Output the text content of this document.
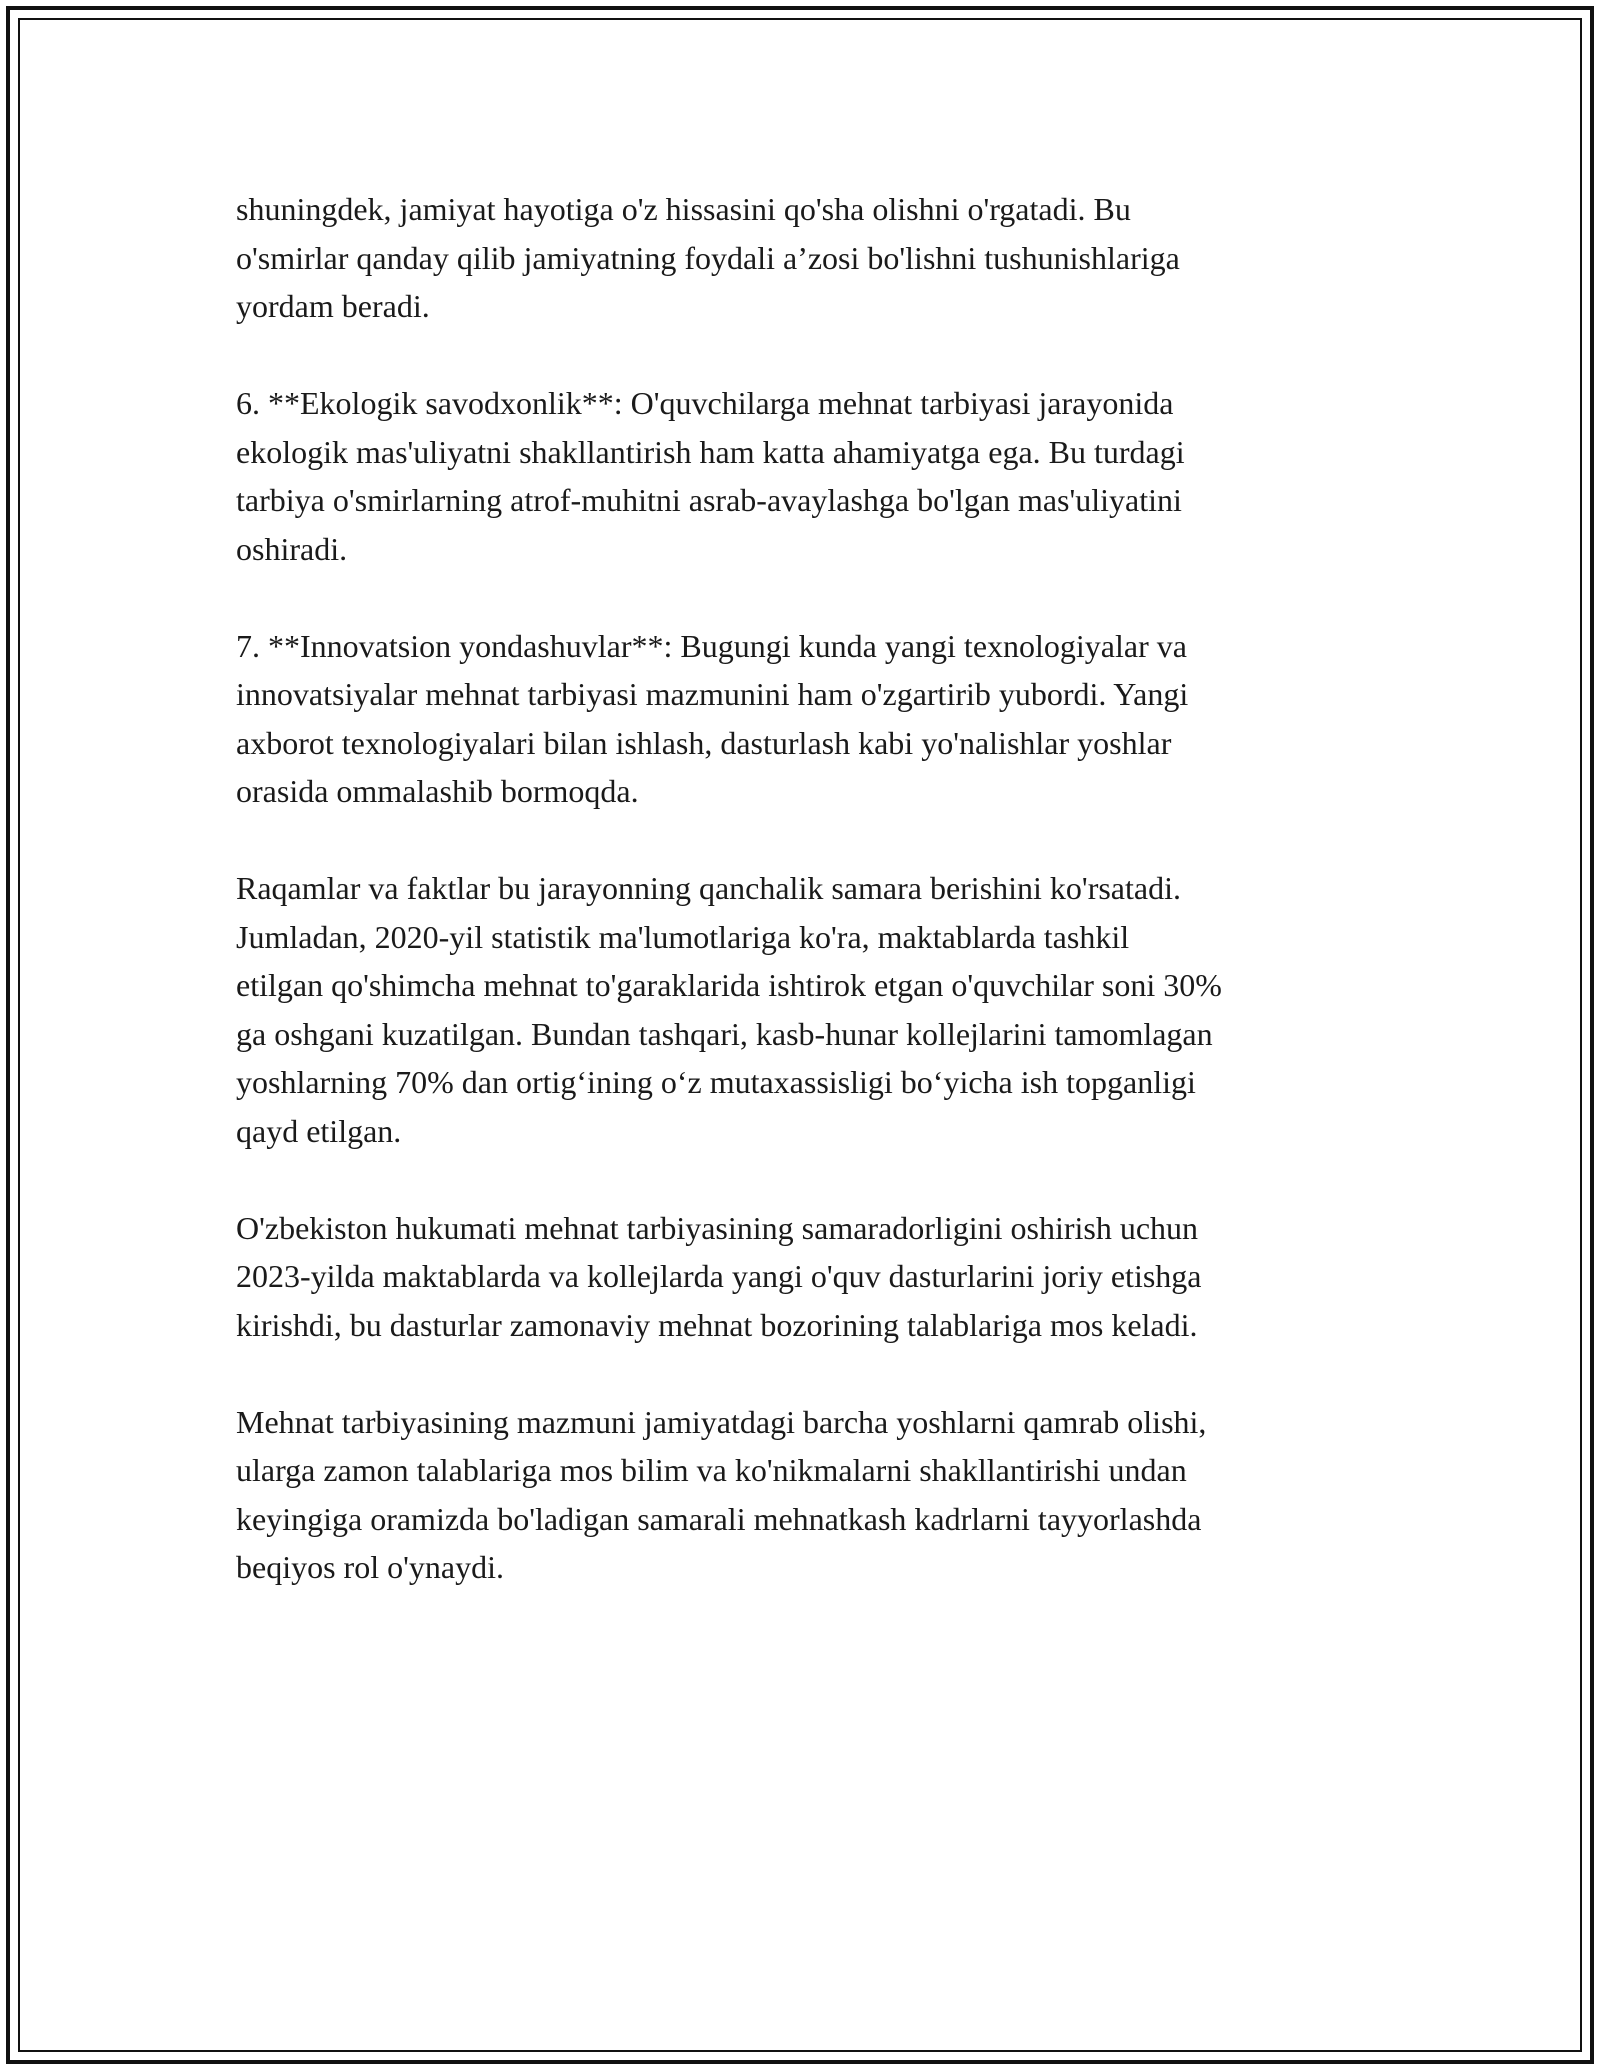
shuningdek, jamiyat hayotiga o'z hissasini qo'sha olishni o'rgatadi. Bu
o'smirlar qanday qilib jamiyatning foydali a’zosi bo'lishni tushunishlariga
yordam beradi.

6. **Ekologik savodxonlik**: O'quvchilarga mehnat tarbiyasi jarayonida
ekologik mas'uliyatni shakllantirish ham katta ahamiyatga ega. Bu turdagi
tarbiya o'smirlarning atrof-muhitni asrab-avaylashga bo'lgan mas'uliyatini
oshiradi.

7. **Innovatsion yondashuvlar**: Bugungi kunda yangi texnologiyalar va
innovatsiyalar mehnat tarbiyasi mazmunini ham o'zgartirib yubordi. Yangi
axborot texnologiyalari bilan ishlash, dasturlash kabi yo'nalishlar yoshlar
orasida ommalashib bormoqda.

Raqamlar va faktlar bu jarayonning qanchalik samara berishini ko'rsatadi.
Jumladan, 2020-yil statistik ma'lumotlariga ko'ra, maktablarda tashkil
etilgan qo'shimcha mehnat to'garaklarida ishtirok etgan o'quvchilar soni 30%
ga oshgani kuzatilgan. Bundan tashqari, kasb-hunar kollejlarini tamomlagan
yoshlarning 70% dan ortig‘ining o‘z mutaxassisligi bo‘yicha ish topganligi
qayd etilgan.

O'zbekiston hukumati mehnat tarbiyasining samaradorligini oshirish uchun
2023-yilda maktablarda va kollejlarda yangi o'quv dasturlarini joriy etishga
kirishdi, bu dasturlar zamonaviy mehnat bozorining talablariga mos keladi.

Mehnat tarbiyasining mazmuni jamiyatdagi barcha yoshlarni qamrab olishi,
ularga zamon talablariga mos bilim va ko'nikmalarni shakllantirishi undan
keyingiga oramizda bo'ladigan samarali mehnatkash kadrlarni tayyorlashda
beqiyos rol o'ynaydi.
